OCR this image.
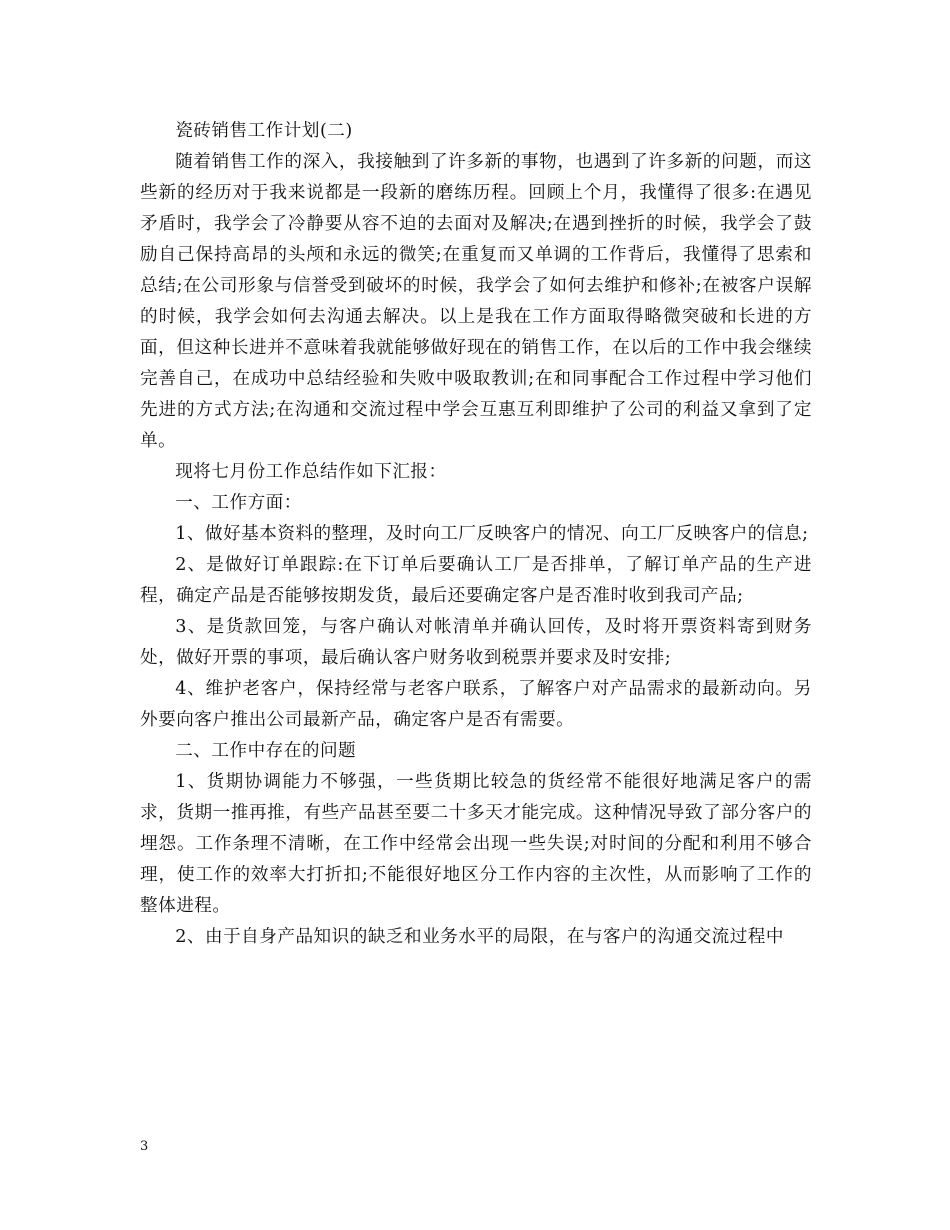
瓷砖销售工作计划(二)

随着销售工作的深入，我接触到了许多新的事物，也遇到了许多新的问题，而这些新的经历对于我来说都是一段新的磨练历程。回顾上个月，我懂得了很多:在遇见矛盾时，我学会了冷静要从容不迫的去面对及解决;在遇到挫折的时候，我学会了鼓励自己保持高昂的头颅和永远的微笑;在重复而又单调的工作背后，我懂得了思索和总结;在公司形象与信誉受到破坏的时候，我学会了如何去维护和修补;在被客户误解的时候，我学会如何去沟通去解决。以上是我在工作方面取得略微突破和长进的方面，但这种长进并不意味着我就能够做好现在的销售工作，在以后的工作中我会继续完善自己，在成功中总结经验和失败中吸取教训;在和同事配合工作过程中学习他们先进的方式方法;在沟通和交流过程中学会互惠互利即维护了公司的利益又拿到了定单。

现将七月份工作总结作如下汇报：

一、工作方面：

1、做好基本资料的整理，及时向工厂反映客户的情况、向工厂反映客户的信息;

2、是做好订单跟踪:在下订单后要确认工厂是否排单，了解订单产品的生产进程，确定产品是否能够按期发货，最后还要确定客户是否准时收到我司产品;

3、是货款回笼，与客户确认对帐清单并确认回传，及时将开票资料寄到财务处，做好开票的事项，最后确认客户财务收到税票并要求及时安排;

4、维护老客户，保持经常与老客户联系，了解客户对产品需求的最新动向。另外要向客户推出公司最新产品，确定客户是否有需要。

二、工作中存在的问题

1、货期协调能力不够强，一些货期比较急的货经常不能很好地满足客户的需求，货期一推再推，有些产品甚至要二十多天才能完成。这种情况导致了部分客户的埋怨。工作条理不清晰，在工作中经常会出现一些失误;对时间的分配和利用不够合理，使工作的效率大打折扣;不能很好地区分工作内容的主次性，从而影响了工作的整体进程。

2、由于自身产品知识的缺乏和业务水平的局限，在与客户的沟通交流过程中

3
